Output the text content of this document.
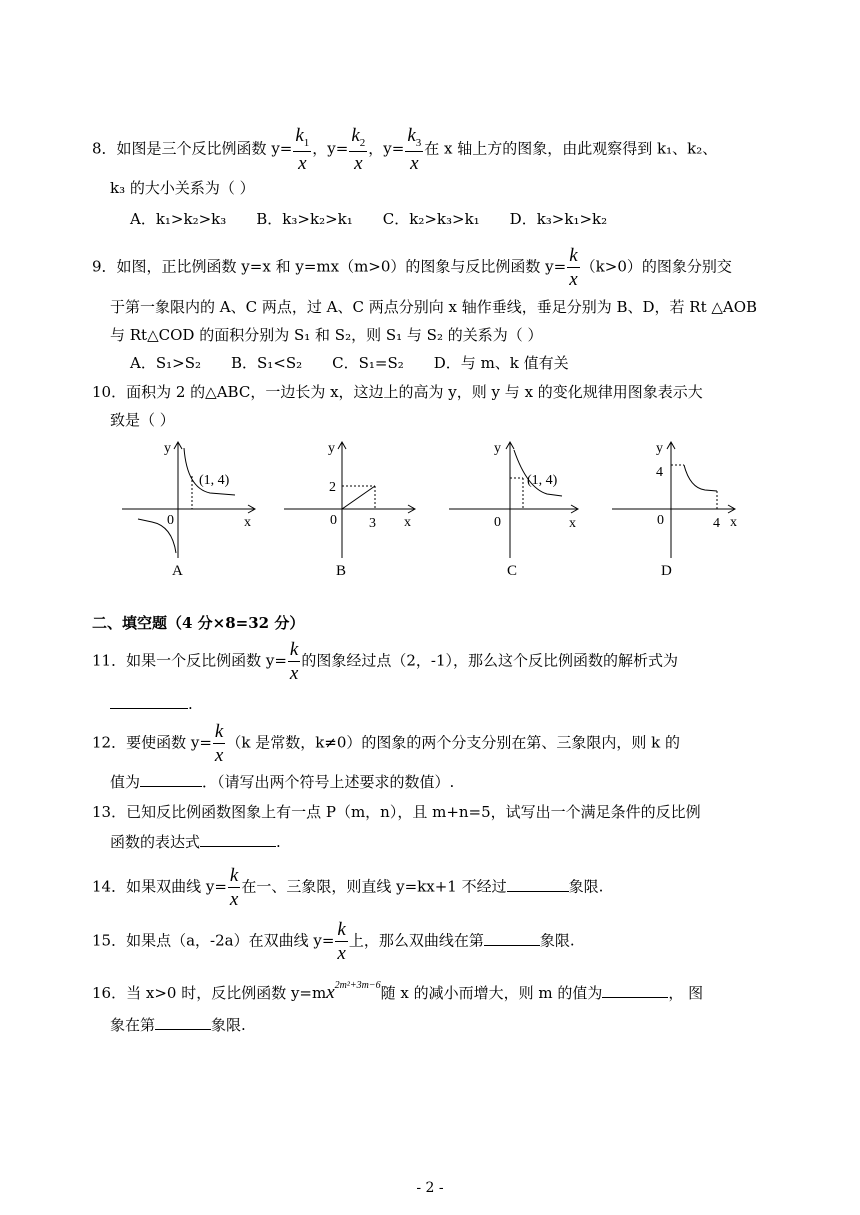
8．如图是三个反比例函数 $y= \frac{k_1}{x}$ ，$y= \frac{k_2}{x}$ ，$y= \frac{k_3}{x}$ 在 x 轴上方的图象，由此观察得到 k₁、k₂、
k₃ 的大小关系为（ ）
A．k₁>k₂>k₃ B．k₃>k₂>k₁ C．k₂>k₃>k₁ D．k₃>k₁>k₂
9．如图，正比例函数 y=x 和 y=mx（m>0）的图象与反比例函数 $y= \frac{k}{x} (k>0)$的图象分别交
于第一象限内的 A、C 两点，过 A、C 两点分别向 x 轴作垂线，垂足分别为 B、D，若 Rt △AOB
与 Rt△COD 的面积分别为 S₁ 和 S₂，则 S₁ 与 S₂ 的关系为（ ）
A．S₁>S₂ B．S₁<S₂ C．S₁=S₂ D．与 m、k 值有关
10．面积为 2 的△ABC，一边长为 x，这边上的高为 y，则 y 与 x 的变化规律用图象表示大
致是（ ）
y
0	x
(1, 4)
A
y
2
0 3 x
B
y
0	x
(1, 4)
C
y
4
0	4 x
D
二、填空题（4 分×8=32 分）
11．如果一个反比例函数 $y= \frac{k}{x}$ 的图象经过点（2，-1），那么这个反比例函数的解析式为
.
12．要使函数 $y= \frac{k}{x} (k$ 是常数，k≠0）的图象的两个分支分别在第、三象限内，则 k 的
值为	．（请写出两个符号上述要求的数值）.
13．已知反比例函数图象上有一点 P（m，n），且 m+n=5，试写出一个满足条件的反比例
函数的表达式	.
14．如果双曲线 $y= \frac{k}{x}$ 在一、三象限，则直线 y=kx+1 不经过	象限.
15．如果点（a，-2a）在双曲线 $y= \frac{k}{x}$ 上，那么双曲线在第	象限.
16．当 x>0 时，反比例函数 $y=mx^{2m^2+3m-6}$随 x 的减小而增大，则 m 的值为	， 图
象在第	象限.
- 2 -
